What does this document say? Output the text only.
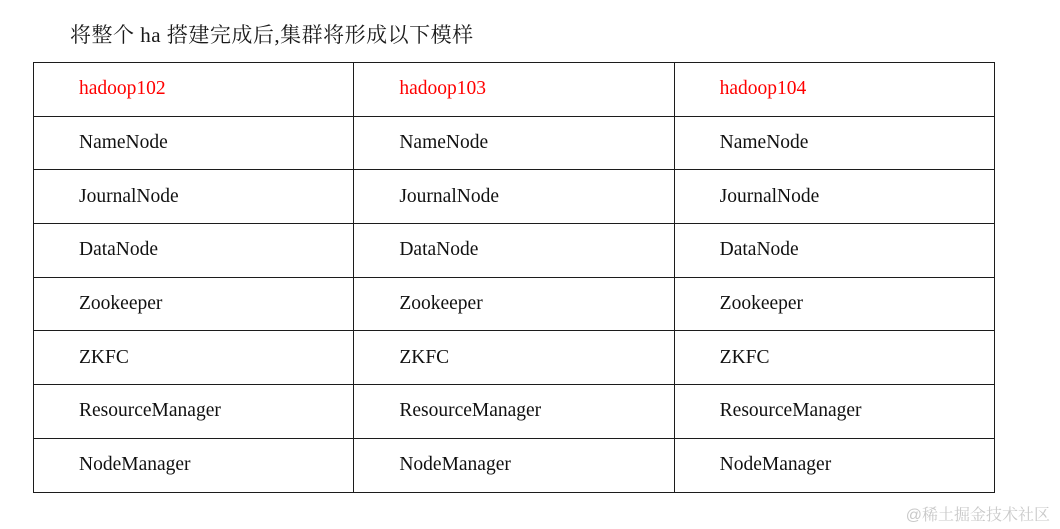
将整个 ha 搭建完成后,集群将形成以下模样
hadoop102	hadoop103	hadoop104
NameNode	NameNode	NameNode
JournalNode	JournalNode	JournalNode
DataNode	DataNode	DataNode
Zookeeper	Zookeeper	Zookeeper
ZKFC	ZKFC	ZKFC
ResourceManager	ResourceManager	ResourceManager
NodeManager	NodeManager	NodeManager
@稀土掘金技术社区
